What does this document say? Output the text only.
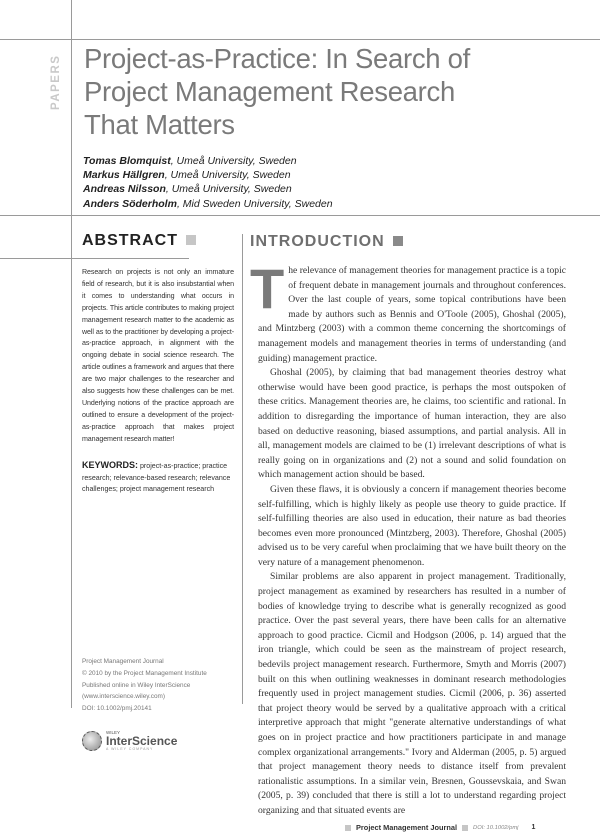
PAPERS Project-as-Practice: In Search of Project Management Research That Matters
Tomas Blomquist, Umeå University, Sweden
Markus Hällgren, Umeå University, Sweden
Andreas Nilsson, Umeå University, Sweden
Anders Söderholm, Mid Sweden University, Sweden
ABSTRACT
Research on projects is not only an immature field of research, but it is also insubstantial when it comes to understanding what occurs in projects. This article contributes to making project management research matter to the academic as well as to the practitioner by developing a project-as-practice approach, in alignment with the ongoing debate in social science research. The article outlines a framework and argues that there are two major challenges to the researcher and also suggests how these challenges can be met. Underlying notions of the practice approach are outlined to ensure a development of the project-as-practice approach that makes project management research matter!
KEYWORDS: project-as-practice; practice research; relevance-based research; relevance challenges; project management research
Project Management Journal
© 2010 by the Project Management Institute
Published online in Wiley InterScience
(www.interscience.wiley.com)
DOI: 10.1002/pmj.20141
WILEY
InterScience
A WILEY COMPANY
INTRODUCTION

The relevance of management theories for management practice is a topic of frequent debate in management journals and throughout conferences. Over the last couple of years, some topical contributions have been made by authors such as Bennis and O'Toole (2005), Ghoshal (2005), and Mintzberg (2003) with a common theme concerning the shortcomings of management models and management theories in terms of understanding (and guiding) management practice.

Ghoshal (2005), by claiming that bad management theories destroy what otherwise would have been good practice, is perhaps the most outspoken of these critics. Management theories are, he claims, too scientific and rational. In addition to disregarding the importance of human interaction, they are also based on deductive reasoning, biased assumptions, and partial analysis. All in all, management models are claimed to be (1) irrelevant descriptions of what is really going on in organizations and (2) not a sound and solid foundation on which management action should be based.

Given these flaws, it is obviously a concern if management theories become self-fulfilling, which is highly likely as people use theory to guide practice. If self-fulfilling theories are also used in education, their nature as bad theories becomes even more pronounced (Mintzberg, 2003). Therefore, Ghoshal (2005) advised us to be very careful when proclaiming that we have built theory on the very nature of a management phenomenon.

Similar problems are also apparent in project management. Traditionally, project management as examined by researchers has resulted in a number of bodies of knowledge trying to describe what is generally recognized as good practice. Over the past several years, there have been calls for an alternative approach to good practice. Cicmil and Hodgson (2006, p. 14) argued that the iron triangle, which could be seen as the mainstream of project research, bedevils project management research. Furthermore, Smyth and Morris (2007) built on this when outlining weaknesses in dominant research methodologies frequently used in project management studies. Cicmil (2006, p. 36) asserted that project theory would be served by a qualitative approach with a critical interpretive approach that might "generate alternative understandings of what goes on in project practice and how practitioners participate in and manage complex organizational arrangements." Ivory and Alderman (2005, p. 5) argued that project management theory needs to distance itself from prevalent rationalistic assumptions. In a similar vein, Bresnen, Goussevskaia, and Swan (2005, p. 39) concluded that there is still a lot to understand regarding project organizing and that situated events are

Project Management Journal	DOI: 10.1002/pmj 1
